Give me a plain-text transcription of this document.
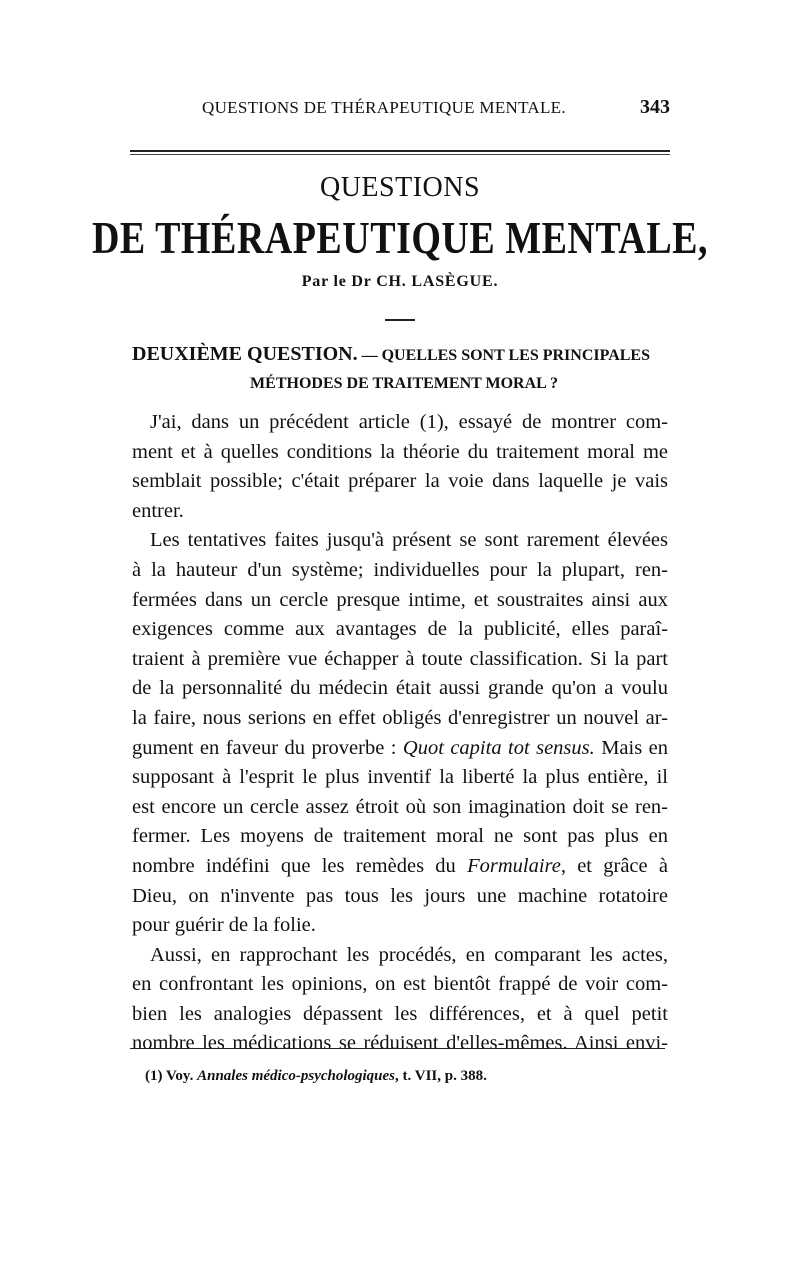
QUESTIONS DE THÉRAPEUTIQUE MENTALE.	343
QUESTIONS
DE THÉRAPEUTIQUE MENTALE,
Par le Dr CH. LASÈGUE.
DEUXIÈME QUESTION. — QUELLES SONT LES PRINCIPALES
MÉTHODES DE TRAITEMENT MORAL ?
J'ai, dans un précédent article (1), essayé de montrer com-
ment et à quelles conditions la théorie du traitement moral me
semblait possible; c'était préparer la voie dans laquelle je vais
entrer.
Les tentatives faites jusqu'à présent se sont rarement élevées
à la hauteur d'un système; individuelles pour la plupart, ren-
fermées dans un cercle presque intime, et soustraites ainsi aux
exigences comme aux avantages de la publicité, elles paraî-
traient à première vue échapper à toute classification. Si la part
de la personnalité du médecin était aussi grande qu'on a voulu
la faire, nous serions en effet obligés d'enregistrer un nouvel ar-
gument en faveur du proverbe : Quot capita tot sensus. Mais en
supposant à l'esprit le plus inventif la liberté la plus entière, il
est encore un cercle assez étroit où son imagination doit se ren-
fermer. Les moyens de traitement moral ne sont pas plus en
nombre indéfini que les remèdes du Formulaire, et grâce à
Dieu, on n'invente pas tous les jours une machine rotatoire
pour guérir de la folie.
Aussi, en rapprochant les procédés, en comparant les actes,
en confrontant les opinions, on est bientôt frappé de voir com-
bien les analogies dépassent les différences, et à quel petit
nombre les médications se réduisent d'elles-mêmes. Ainsi envi-
(1) Voy. Annales médico-psychologiques, t. VII, p. 388.
